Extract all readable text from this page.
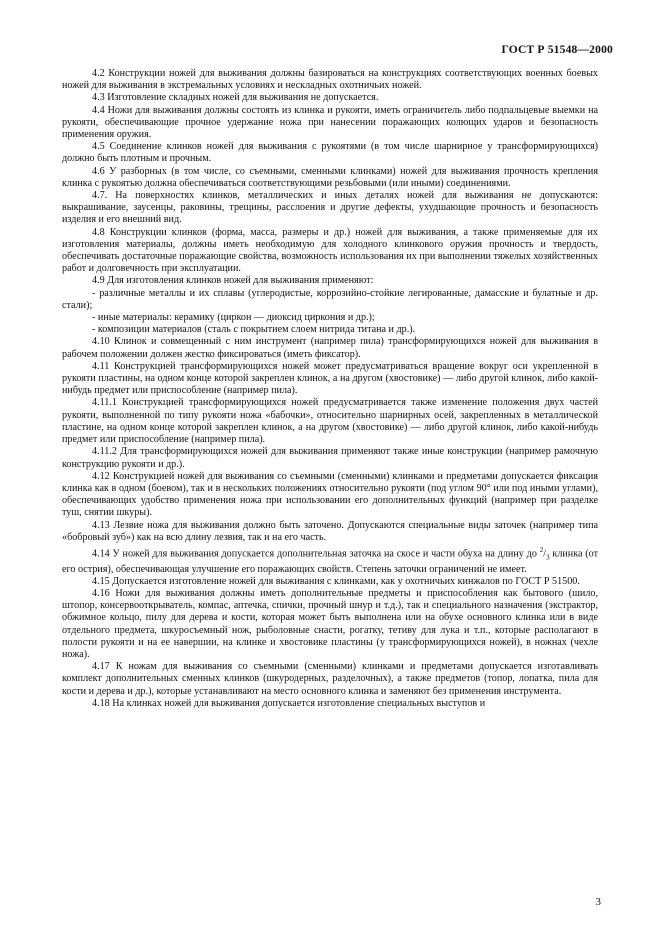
ГОСТ Р 51548—2000

4.2 Конструкции ножей для выживания должны базироваться на конструкциях соответствующих военных боевых ножей для выживания в экстремальных условиях и нескладных охотничьих ножей.

4.3 Изготовление складных ножей для выживания не допускается.

4.4 Ножи для выживания должны состоять из клинка и рукояти, иметь ограничитель либо подпальцевые выемки на рукояти, обеспечивающие прочное удержание ножа при нанесении поражающих колющих ударов и безопасность применения оружия.

4.5 Соединение клинков ножей для выживания с рукоятями (в том числе шарнирное у трансформирующихся) должно быть плотным и прочным.

4.6 У разборных (в том числе, со съемными, сменными клинками) ножей для выживания прочность крепления клинка с рукоятью должна обеспечиваться соответствующими резьбовыми (или иными) соединениями.

4.7. На поверхностях клинков, металлических и иных деталях ножей для выживания не допускаются: выкрашивание, заусенцы, раковины, трещины, расслоения и другие дефекты, ухудшающие прочность и безопасность изделия и его внешний вид.

4.8 Конструкции клинков (форма, масса, размеры и др.) ножей для выживания, а также применяемые для их изготовления материалы, должны иметь необходимую для холодного клинкового оружия прочность и твердость, обеспечивать достаточные поражающие свойства, возможность использования их при выполнении тяжелых хозяйственных работ и долговечность при эксплуатации.

4.9 Для изготовления клинков ножей для выживания применяют:

- различные металлы и их сплавы (углеродистые, коррозийно-стойкие легированные, дамасские и булатные и др. стали);

- иные материалы: керамику (циркон — диоксид циркония и др.);

- композиции материалов (сталь с покрытием слоем нитрида титана и др.).

4.10 Клинок и совмещенный с ним инструмент (например пила) трансформирующихся ножей для выживания в рабочем положении должен жестко фиксироваться (иметь фиксатор).

4.11 Конструкцией трансформирующихся ножей может предусматриваться вращение вокруг оси укрепленной в рукояти пластины, на одном конце которой закреплен клинок, а на другом (хвостовике) — либо другой клинок, либо какой-нибудь предмет или приспособление (например пила).

4.11.1 Конструкцией трансформирующихся ножей предусматривается также изменение положения двух частей рукояти, выполненной по типу рукояти ножа «бабочки», относительно шарнирных осей, закрепленных в металлической пластине, на одном конце которой закреплен клинок, а на другом (хвостовике) — либо другой клинок, либо какой-нибудь предмет или приспособление (например пила).

4.11.2 Для трансформирующихся ножей для выживания применяют также иные конструкции (например рамочную конструкцию рукояти и др.).

4.12 Конструкцией ножей для выживания со съемными (сменными) клинками и предметами допускается фиксация клинка как в одном (боевом), так и в нескольких положениях относительно рукояти (под углом 90° или под иными углами), обеспечивающих удобство применения ножа при использовании его дополнительных функций (например при разделке туш, снятии шкуры).

4.13 Лезвие ножа для выживания должно быть заточено. Допускаются специальные виды заточек (например типа «бобровый зуб») как на всю длину лезвия, так и на его часть.

4.14 У ножей для выживания допускается дополнительная заточка на скосе и части обуха на длину до $^2/_3$ клинка (от его острия), обеспечивающая улучшение его поражающих свойств. Степень заточки ограничений не имеет.

4.15 Допускается изготовление ножей для выживания с клинками, как у охотничьих кинжалов по ГОСТ Р 51500.

4.16 Ножи для выживания должны иметь дополнительные предметы и приспособления как бытового (шило, штопор, консервооткрыватель, компас, аптечка, спички, прочный шнур и т.д.), так и специального назначения (экстрактор, обжимное кольцо, пилу для дерева и кости, которая может быть выполнена или на обухе основного клинка или в виде отдельного предмета, шкуросъемный нож, рыболовные снасти, рогатку, тетиву для лука и т.п., которые располагают в полости рукояти и на ее навершии, на клинке и хвостовике пластины (у трансформирующихся ножей), в ножнах (чехле ножа).

4.17 К ножам для выживания со съемными (сменными) клинками и предметами допускается изготавливать комплект дополнительных сменных клинков (шкуродерных, разделочных), а также предметов (топор, лопатка, пила для кости и дерева и др.), которые устанавливают на место основного клинка и заменяют без применения инструмента.

4.18 На клинках ножей для выживания допускается изготовление специальных выступов и

3
